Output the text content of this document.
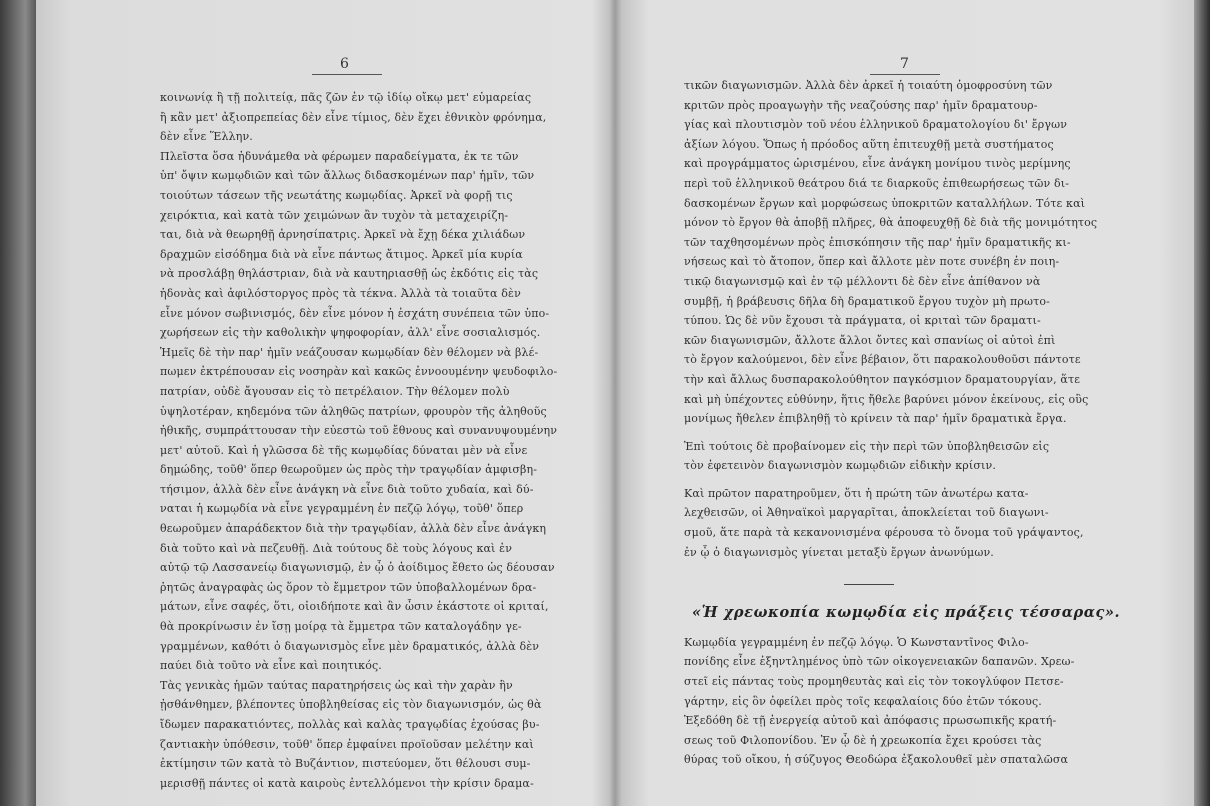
6
κοινωνίᾳ ἢ τῇ πολιτείᾳ, πᾶς ζῶν ἐν τῷ ἰδίῳ οἴκῳ μετ' εὐμαρείας
ἢ κἂν μετ' ἀξιοπρεπείας δὲν εἶνε τίμιος, δὲν ἔχει ἐθνικὸν φρόνημα,
δὲν εἶνε Ἕλλην.
Πλεῖστα ὅσα ἠδυνάμεθα νὰ φέρωμεν παραδείγματα, ἐκ τε τῶν
ὑπ' ὄψιν κωμῳδιῶν καὶ τῶν ἄλλως διδασκομένων παρ' ἡμῖν, τῶν
τοιούτων τάσεων τῆς νεωτάτης κωμῳδίας. Ἀρκεῖ νὰ φορῇ τις
χειρόκτια, καὶ κατὰ τῶν χειμώνων ἂν τυχὸν τὰ μεταχειρίζη-
ται, διὰ νὰ θεωρηθῇ ἀρνησίπατρις. Ἀρκεῖ νὰ ἔχῃ δέκα χιλιάδων
δραχμῶν εἰσόδημα διὰ νὰ εἶνε πάντως ἄτιμος. Ἀρκεῖ μία κυρία
νὰ προσλάβῃ θηλάστριαν, διὰ νὰ καυτηριασθῇ ὡς ἐκδότις εἰς τὰς
ἡδονὰς καὶ ἀφιλόστοργος πρὸς τὰ τέκνα. Ἀλλὰ τὰ τοιαῦτα δὲν
εἶνε μόνον σωβινισμός, δὲν εἶνε μόνον ἡ ἐσχάτη συνέπεια τῶν ὑπο-
χωρήσεων εἰς τὴν καθολικὴν ψηφοφορίαν, ἀλλ' εἶνε σοσιαλισμός.
Ἡμεῖς δὲ τὴν παρ' ἡμῖν νεάζουσαν κωμῳδίαν δὲν θέλομεν νὰ βλέ-
πωμεν ἐκτρέπουσαν εἰς νοσηρὰν καὶ κακῶς ἐννοουμένην ψευδοφιλο-
πατρίαν, οὐδὲ ἄγουσαν εἰς τὸ πετρέλαιον. Τὴν θέλομεν πολὺ
ὑψηλοτέραν, κηδεμόνα τῶν ἀληθῶς πατρίων, φρουρὸν τῆς ἀληθοῦς
ἠθικῆς, συμπράττουσαν τὴν εὐεστὼ τοῦ ἔθνους καὶ συνανυψουμένην
μετ' αὐτοῦ. Καὶ ἡ γλῶσσα δὲ τῆς κωμῳδίας δύναται μὲν νὰ εἶνε
δημώδης, τοῦθ' ὅπερ θεωροῦμεν ὡς πρὸς τὴν τραγῳδίαν ἀμφισβη-
τήσιμον, ἀλλὰ δὲν εἶνε ἀνάγκη νὰ εἶνε διὰ τοῦτο χυδαία, καὶ δύ-
ναται ἡ κωμῳδία νὰ εἶνε γεγραμμένη ἐν πεζῷ λόγῳ, τοῦθ' ὅπερ
θεωροῦμεν ἀπαράδεκτον διὰ τὴν τραγῳδίαν, ἀλλὰ δὲν εἶνε ἀνάγκη
διὰ τοῦτο καὶ νὰ πεζευθῇ. Διὰ τούτους δὲ τοὺς λόγους καὶ ἐν
αὐτῷ τῷ Λασσανείῳ διαγωνισμῷ, ἐν ᾧ ὁ ἀοίδιμος ἔθετο ὡς δέουσαν
ῥητῶς ἀναγραφὰς ὡς ὅρον τὸ ἔμμετρον τῶν ὑποβαλλομένων δρα-
μάτων, εἶνε σαφές, ὅτι, οἱοιδήποτε καὶ ἂν ὦσιν ἑκάστοτε οἱ κριταί,
θὰ προκρίνωσιν ἐν ἴσῃ μοίρᾳ τὰ ἔμμετρα τῶν καταλογάδην γε-
γραμμένων, καθότι ὁ διαγωνισμὸς εἶνε μὲν δραματικός, ἀλλὰ δὲν
παύει διὰ τοῦτο νὰ εἶνε καὶ ποιητικός.
Τὰς γενικὰς ἡμῶν ταύτας παρατηρήσεις ὡς καὶ τὴν χαρὰν ἣν
ᾐσθάνθημεν, βλέποντες ὑποβληθείσας εἰς τὸν διαγωνισμόν, ὡς θὰ
ἴδωμεν παρακατιόντες, πολλὰς καὶ καλὰς τραγῳδίας ἐχούσας βυ-
ζαντιακὴν ὑπόθεσιν, τοῦθ' ὅπερ ἐμφαίνει προϊοῦσαν μελέτην καὶ
ἐκτίμησιν τῶν κατὰ τὸ Βυζάντιον, πιστεύομεν, ὅτι θέλουσι συμ-
μερισθῇ πάντες οἱ κατὰ καιροὺς ἐντελλόμενοι τὴν κρίσιν δραμα-
7
τικῶν διαγωνισμῶν. Ἀλλὰ δὲν ἀρκεῖ ἡ τοιαύτη ὁμοφροσύνη τῶν
κριτῶν πρὸς προαγωγὴν τῆς νεαζούσης παρ' ἡμῖν δραματουρ-
γίας καὶ πλουτισμὸν τοῦ νέου ἑλληνικοῦ δραματολογίου δι' ἔργων
ἀξίων λόγου. Ὅπως ἡ πρόοδος αὕτη ἐπιτευχθῇ μετὰ συστήματος
καὶ προγράμματος ὡρισμένου, εἶνε ἀνάγκη μονίμου τινὸς μερίμνης
περὶ τοῦ ἑλληνικοῦ θεάτρου διά τε διαρκοῦς ἐπιθεωρήσεως τῶν δι-
δασκομένων ἔργων καὶ μορφώσεως ὑποκριτῶν καταλλήλων. Τότε καὶ
μόνον τὸ ἔργον θὰ ἀποβῇ πλῆρες, θὰ ἀποφευχθῇ δὲ διὰ τῆς μονιμότητος
τῶν ταχθησομένων πρὸς ἐπισκόπησιν τῆς παρ' ἡμῖν δραματικῆς κι-
νήσεως καὶ τὸ ἄτοπον, ὅπερ καὶ ἄλλοτε μὲν ποτε συνέβη ἐν ποιη-
τικῷ διαγωνισμῷ καὶ ἐν τῷ μέλλοντι δὲ δὲν εἶνε ἀπίθανον νὰ
συμβῇ, ἡ βράβευσις δῆλα δὴ δραματικοῦ ἔργου τυχὸν μὴ πρωτο-
τύπου. Ὡς δὲ νῦν ἔχουσι τὰ πράγματα, οἱ κριταὶ τῶν δραματι-
κῶν διαγωνισμῶν, ἄλλοτε ἄλλοι ὄντες καὶ σπανίως οἱ αὐτοὶ ἐπὶ
τὸ ἔργον καλούμενοι, δὲν εἶνε βέβαιον, ὅτι παρακολουθοῦσι πάντοτε
τὴν καὶ ἄλλως δυσπαρακολούθητον παγκόσμιον δραματουργίαν, ἅτε
καὶ μὴ ὑπέχοντες εὐθύνην, ἥτις ἤθελε βαρύνει μόνον ἐκείνους, εἰς οὓς
μονίμως ἤθελεν ἐπιβληθῇ τὸ κρίνειν τὰ παρ' ἡμῖν δραματικὰ ἔργα.
Ἐπὶ τούτοις δὲ προβαίνομεν εἰς τὴν περὶ τῶν ὑποβληθεισῶν εἰς
τὸν ἐφετεινὸν διαγωνισμὸν κωμῳδιῶν εἰδικὴν κρίσιν.
Καὶ πρῶτον παρατηροῦμεν, ὅτι ἡ πρώτη τῶν ἀνωτέρω κατα-
λεχθεισῶν, οἱ Ἀθηναϊκοὶ μαργαρῖται, ἀποκλείεται τοῦ διαγωνι-
σμοῦ, ἅτε παρὰ τὰ κεκανονισμένα φέρουσα τὸ ὄνομα τοῦ γράψαντος,
ἐν ᾧ ὁ διαγωνισμὸς γίνεται μεταξὺ ἔργων ἀνωνύμων.
«Ἡ χρεωκοπία κωμῳδία εἰς πράξεις τέσσαρας».
Κωμῳδία γεγραμμένη ἐν πεζῷ λόγῳ. Ὁ Κωνσταντῖνος Φιλο-
πονίδης εἶνε ἐξηντλημένος ὑπὸ τῶν οἰκογενειακῶν δαπανῶν. Χρεω-
στεῖ εἰς πάντας τοὺς προμηθευτὰς καὶ εἰς τὸν τοκογλύφον Πετσε-
γάρτην, εἰς ὃν ὀφείλει πρὸς τοῖς κεφαλαίοις δύο ἐτῶν τόκους.
Ἐξεδόθη δὲ τῇ ἐνεργείᾳ αὐτοῦ καὶ ἀπόφασις πρωσωπικῆς κρατή-
σεως τοῦ Φιλοπονίδου. Ἐν ᾧ δὲ ἡ χρεωκοπία ἔχει κρούσει τὰς
θύρας τοῦ οἴκου, ἡ σύζυγος Θεοδώρα ἐξακολουθεῖ μὲν σπαταλῶσα
